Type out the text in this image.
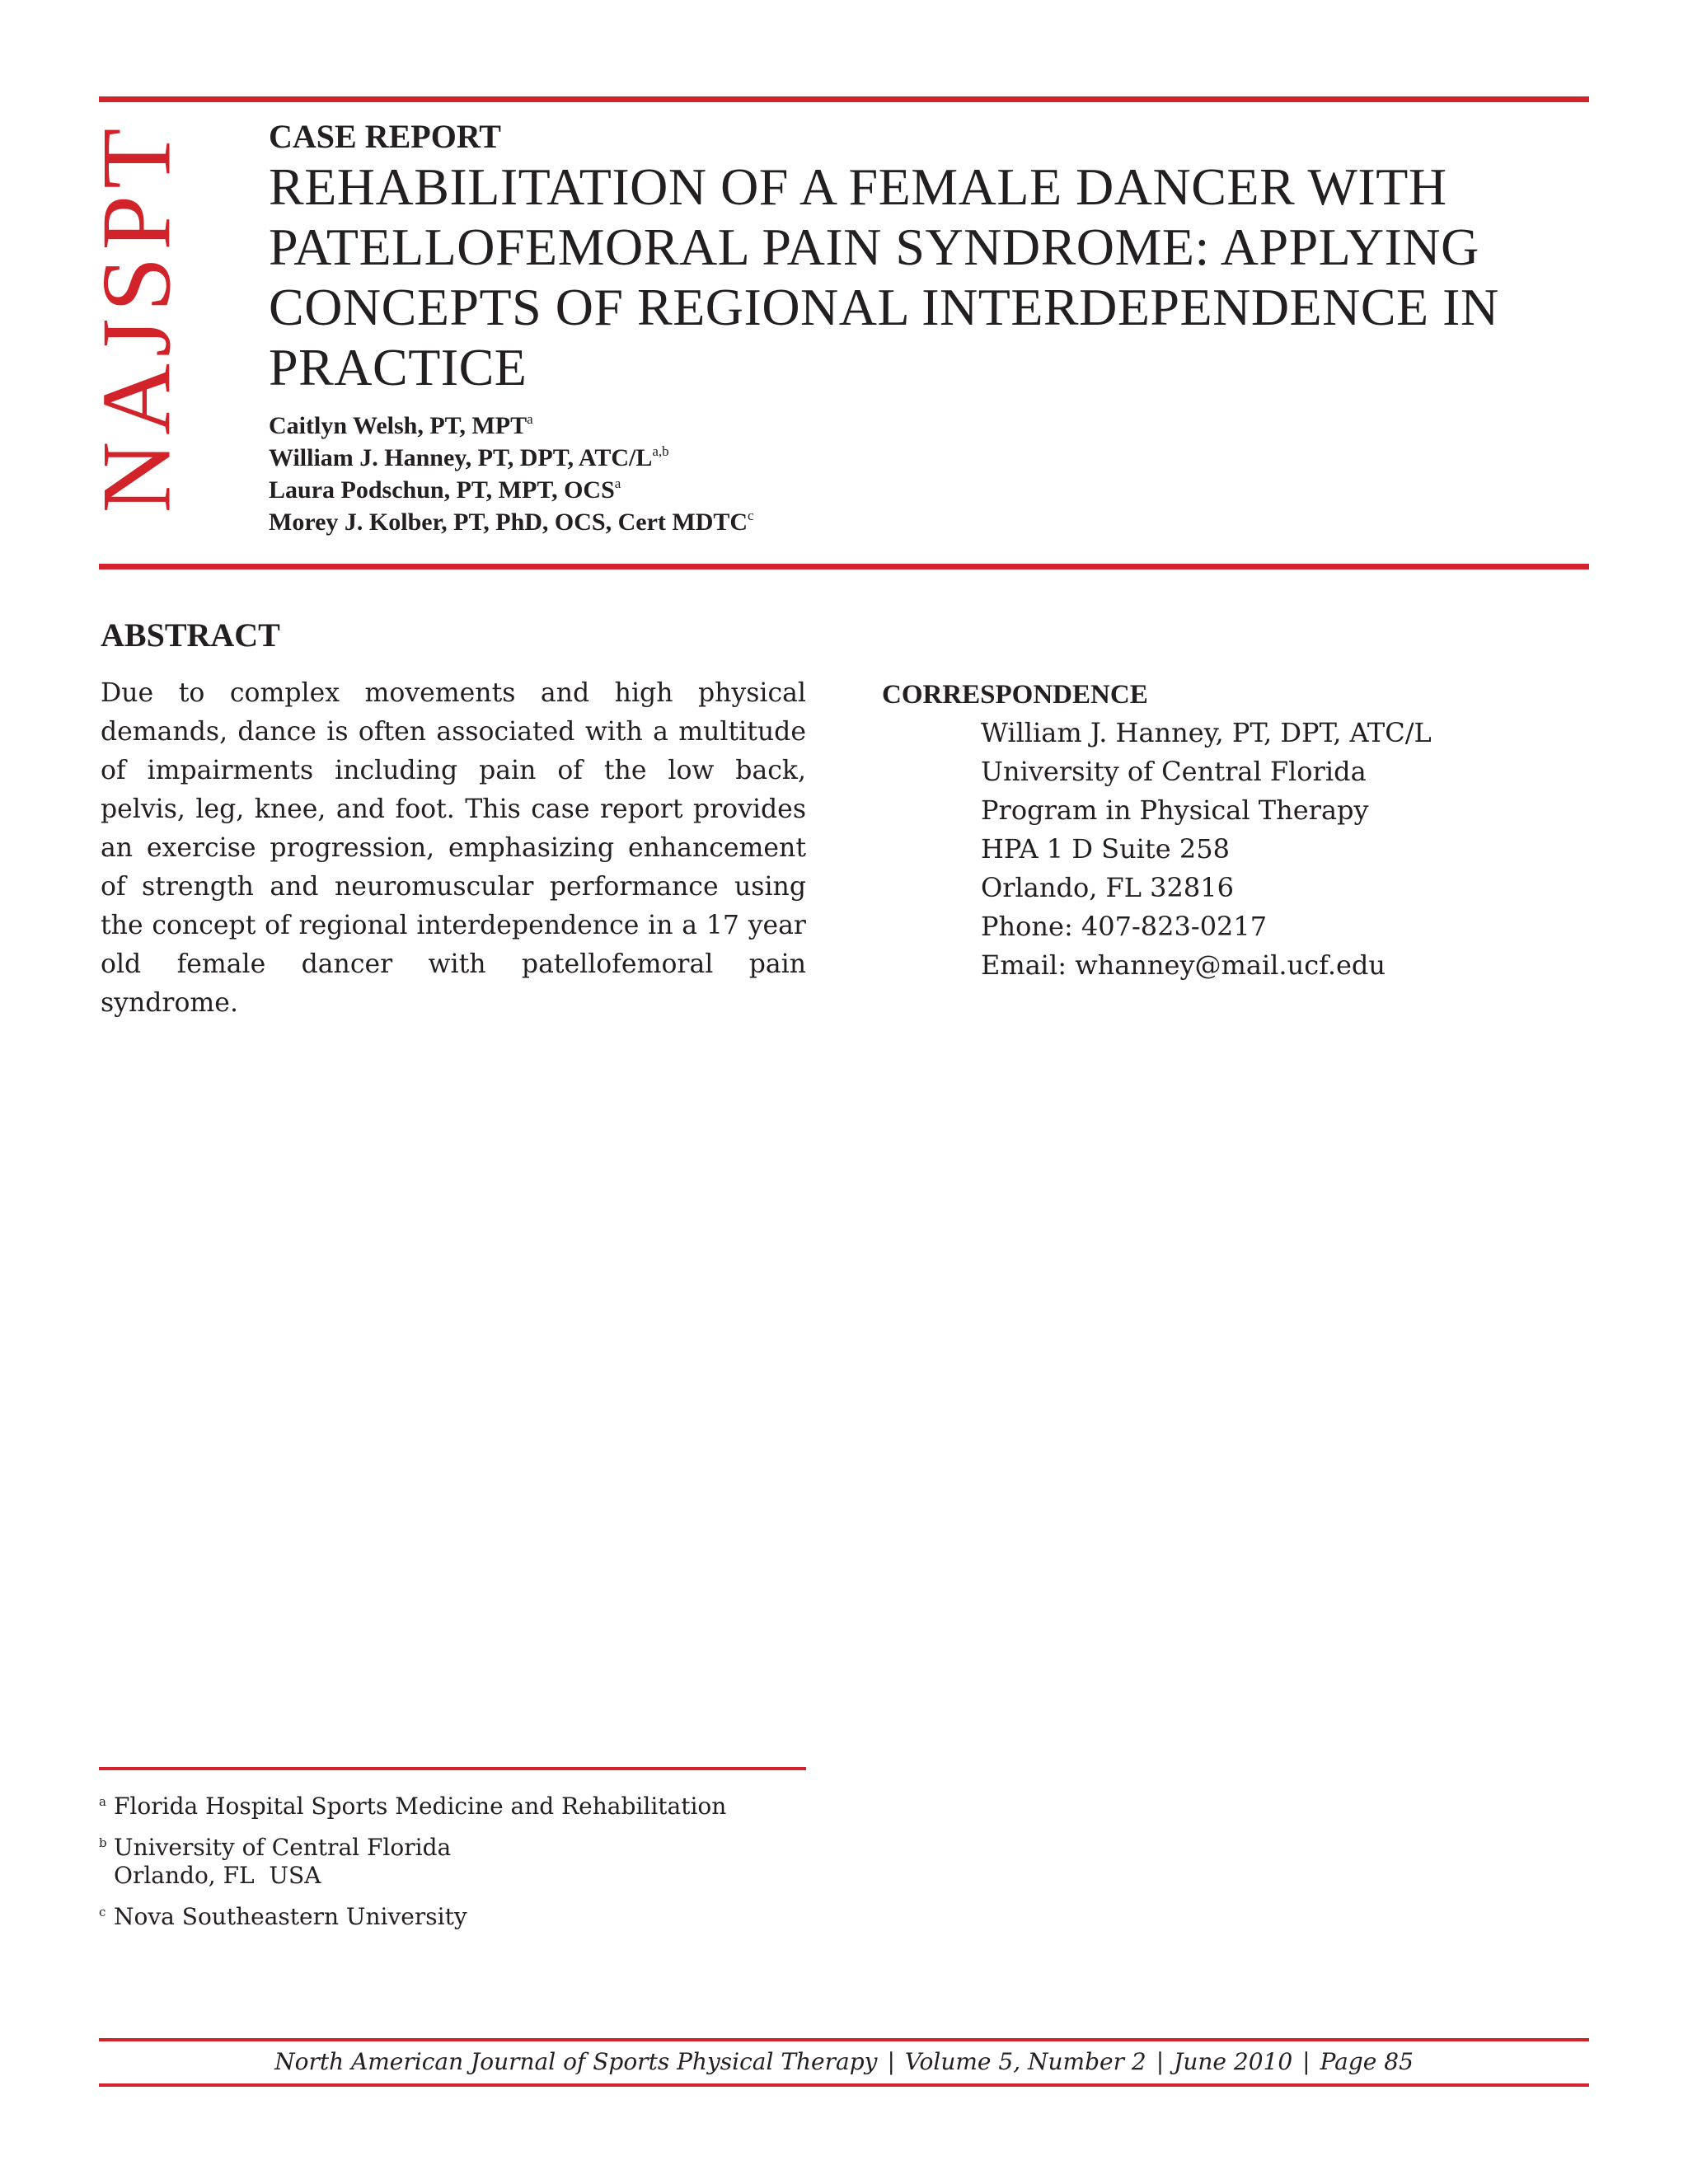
NAJSPT CASE REPORT
REHABILITATION OF A FEMALE DANCER WITH
PATELLOFEMORAL PAIN SYNDROME: APPLYING
CONCEPTS OF REGIONAL INTERDEPENDENCE IN
PRACTICE
Caitlyn Welsh, PT, MPT$^a$
William J. Hanney, PT, DPT, ATC/$L^{a,b}$
Laura Podschun, PT, MPT, OCS$^a$
Morey J. Kolber, PT, PhD, OCS, Cert MDTC$^c$
ABSTRACT

Due to complex movements and high physical demands, dance is often associated with a multitude of impairments including pain of the low back, pelvis, leg, knee, and foot. This case report provides an exercise progression, emphasizing enhancement of strength and neuromuscular performance using the concept of regional interdependence in a 17 year old female dancer with patellofemoral pain syndrome.

CORRESPONDENCE
William J. Hanney, PT, DPT, ATC/L
University of Central Florida
Program in Physical Therapy
HPA 1 D Suite 258
Orlando, FL 32816
Phone: 407-823-0217
Email: whanney@mail.ucf.edu
a Florida Hospital Sports Medicine and Rehabilitation
b University of Central Florida
Orlando, FL  USA
c Nova Southeastern University
North American Journal of Sports Physical Therapy | Volume 5, Number 2 | June 2010 | Page 85
